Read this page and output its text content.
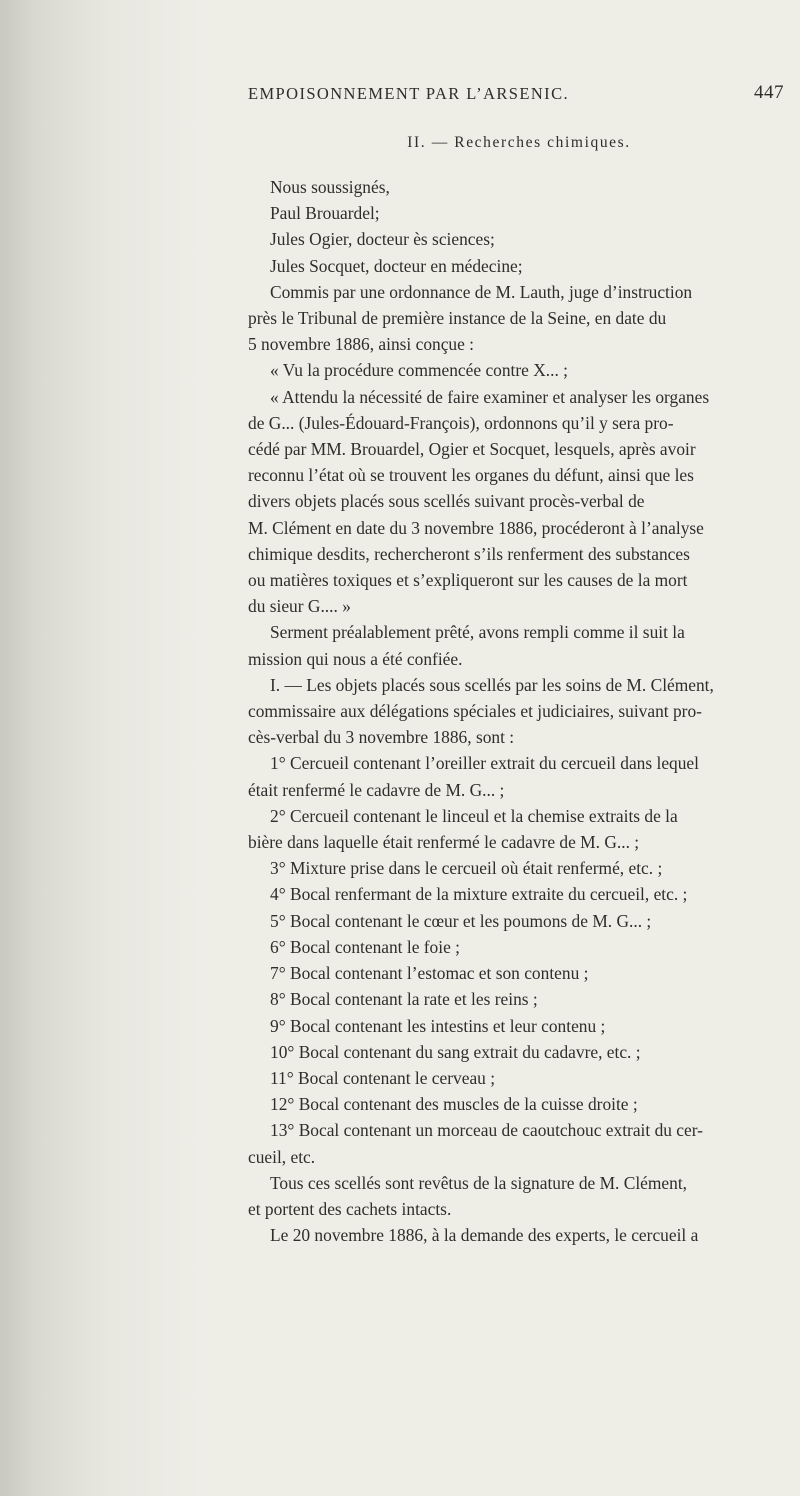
EMPOISONNEMENT PAR L’ARSENIC.	447
II. — Recherches chimiques.
Nous soussignés,
Paul Brouardel;
Jules Ogier, docteur ès sciences;
Jules Socquet, docteur en médecine;
Commis par une ordonnance de M. Lauth, juge d’instruction
près le Tribunal de première instance de la Seine, en date du
5 novembre 1886, ainsi conçue :
« Vu la procédure commencée contre X... ;
« Attendu la nécessité de faire examiner et analyser les organes
de G... (Jules-Édouard-François), ordonnons qu’il y sera pro-
cédé par MM. Brouardel, Ogier et Socquet, lesquels, après avoir
reconnu l’état où se trouvent les organes du défunt, ainsi que les
divers objets placés sous scellés suivant procès-verbal de
M. Clément en date du 3 novembre 1886, procéderont à l’analyse
chimique desdits, rechercheront s’ils renferment des substances
ou matières toxiques et s’expliqueront sur les causes de la mort
du sieur G.... »
Serment préalablement prêté, avons rempli comme il suit la
mission qui nous a été confiée.
I. — Les objets placés sous scellés par les soins de M. Clément,
commissaire aux délégations spéciales et judiciaires, suivant pro-
cès-verbal du 3 novembre 1886, sont :
1° Cercueil contenant l’oreiller extrait du cercueil dans lequel
était renfermé le cadavre de M. G... ;
2° Cercueil contenant le linceul et la chemise extraits de la
bière dans laquelle était renfermé le cadavre de M. G... ;
3° Mixture prise dans le cercueil où était renfermé, etc. ;
4° Bocal renfermant de la mixture extraite du cercueil, etc. ;
5° Bocal contenant le cœur et les poumons de M. G... ;
6° Bocal contenant le foie ;
7° Bocal contenant l’estomac et son contenu ;
8° Bocal contenant la rate et les reins ;
9° Bocal contenant les intestins et leur contenu ;
10° Bocal contenant du sang extrait du cadavre, etc. ;
11° Bocal contenant le cerveau ;
12° Bocal contenant des muscles de la cuisse droite ;
13° Bocal contenant un morceau de caoutchouc extrait du cer-
cueil, etc.
Tous ces scellés sont revêtus de la signature de M. Clément,
et portent des cachets intacts.
Le 20 novembre 1886, à la demande des experts, le cercueil a
